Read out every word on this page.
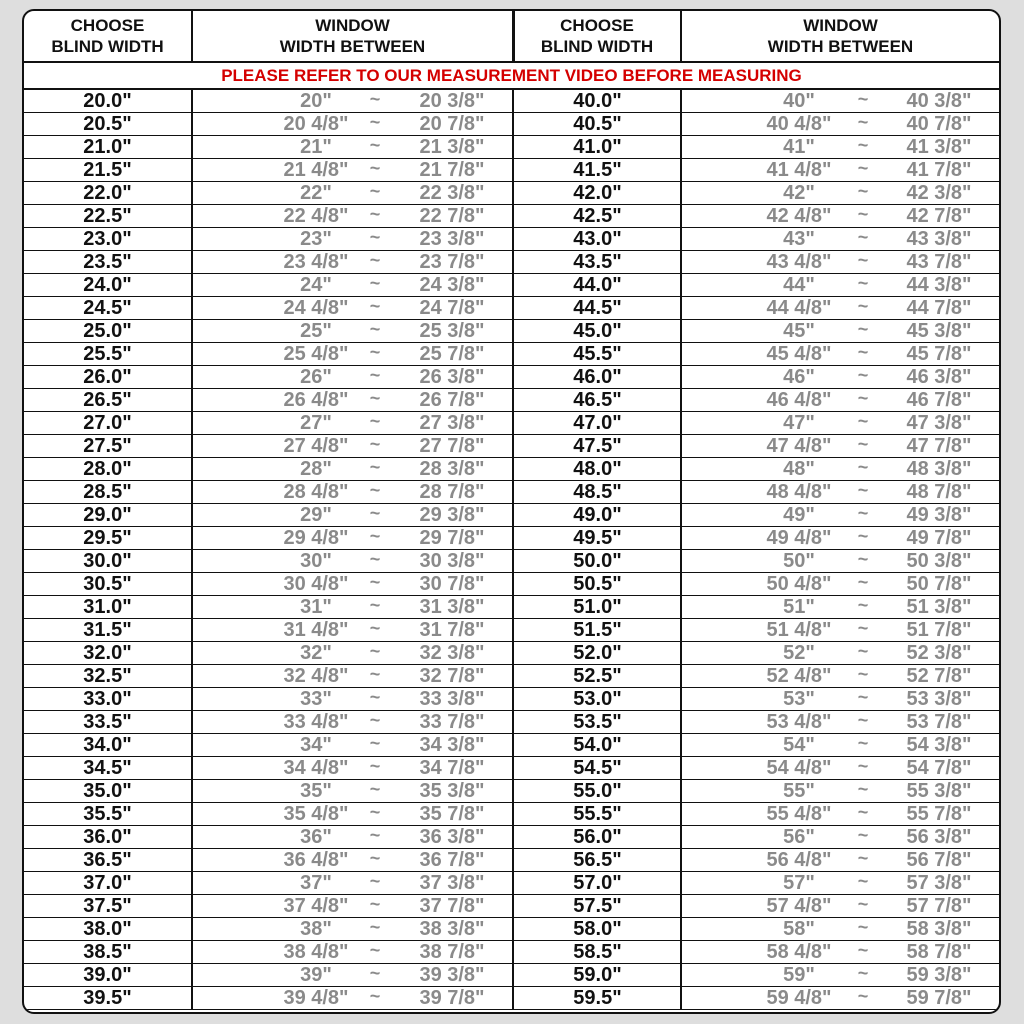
CHOOSE
BLIND WIDTH
WINDOW
WIDTH BETWEEN
CHOOSE
BLIND WIDTH
WINDOW
WIDTH BETWEEN
PLEASE REFER TO OUR MEASUREMENT VIDEO BEFORE MEASURING
20.0"	20"	~	20 3/8"	40.0"	40"	~	40 3/8"
20.5"	20 4/8"	~	20 7/8"	40.5"	40 4/8"	~	40 7/8"
21.0"	21"	~	21 3/8"	41.0"	41"	~	41 3/8"
21.5"	21 4/8"	~	21 7/8"	41.5"	41 4/8"	~	41 7/8"
22.0"	22"	~	22 3/8"	42.0"	42"	~	42 3/8"
22.5"	22 4/8"	~	22 7/8"	42.5"	42 4/8"	~	42 7/8"
23.0"	23"	~	23 3/8"	43.0"	43"	~	43 3/8"
23.5"	23 4/8"	~	23 7/8"	43.5"	43 4/8"	~	43 7/8"
24.0"	24"	~	24 3/8"	44.0"	44"	~	44 3/8"
24.5"	24 4/8"	~	24 7/8"	44.5"	44 4/8"	~	44 7/8"
25.0"	25"	~	25 3/8"	45.0"	45"	~	45 3/8"
25.5"	25 4/8"	~	25 7/8"	45.5"	45 4/8"	~	45 7/8"
26.0"	26"	~	26 3/8"	46.0"	46"	~	46 3/8"
26.5"	26 4/8"	~	26 7/8"	46.5"	46 4/8"	~	46 7/8"
27.0"	27"	~	27 3/8"	47.0"	47"	~	47 3/8"
27.5"	27 4/8"	~	27 7/8"	47.5"	47 4/8"	~	47 7/8"
28.0"	28"	~	28 3/8"	48.0"	48"	~	48 3/8"
28.5"	28 4/8"	~	28 7/8"	48.5"	48 4/8"	~	48 7/8"
29.0"	29"	~	29 3/8"	49.0"	49"	~	49 3/8"
29.5"	29 4/8"	~	29 7/8"	49.5"	49 4/8"	~	49 7/8"
30.0"	30"	~	30 3/8"	50.0"	50"	~	50 3/8"
30.5"	30 4/8"	~	30 7/8"	50.5"	50 4/8"	~	50 7/8"
31.0"	31"	~	31 3/8"	51.0"	51"	~	51 3/8"
31.5"	31 4/8"	~	31 7/8"	51.5"	51 4/8"	~	51 7/8"
32.0"	32"	~	32 3/8"	52.0"	52"	~	52 3/8"
32.5"	32 4/8"	~	32 7/8"	52.5"	52 4/8"	~	52 7/8"
33.0"	33"	~	33 3/8"	53.0"	53"	~	53 3/8"
33.5"	33 4/8"	~	33 7/8"	53.5"	53 4/8"	~	53 7/8"
34.0"	34"	~	34 3/8"	54.0"	54"	~	54 3/8"
34.5"	34 4/8"	~	34 7/8"	54.5"	54 4/8"	~	54 7/8"
35.0"	35"	~	35 3/8"	55.0"	55"	~	55 3/8"
35.5"	35 4/8"	~	35 7/8"	55.5"	55 4/8"	~	55 7/8"
36.0"	36"	~	36 3/8"	56.0"	56"	~	56 3/8"
36.5"	36 4/8"	~	36 7/8"	56.5"	56 4/8"	~	56 7/8"
37.0"	37"	~	37 3/8"	57.0"	57"	~	57 3/8"
37.5"	37 4/8"	~	37 7/8"	57.5"	57 4/8"	~	57 7/8"
38.0"	38"	~	38 3/8"	58.0"	58"	~	58 3/8"
38.5"	38 4/8"	~	38 7/8"	58.5"	58 4/8"	~	58 7/8"
39.0"	39"	~	39 3/8"	59.0"	59"	~	59 3/8"
39.5"	39 4/8"	~	39 7/8"	59.5"	59 4/8"	~	59 7/8"
